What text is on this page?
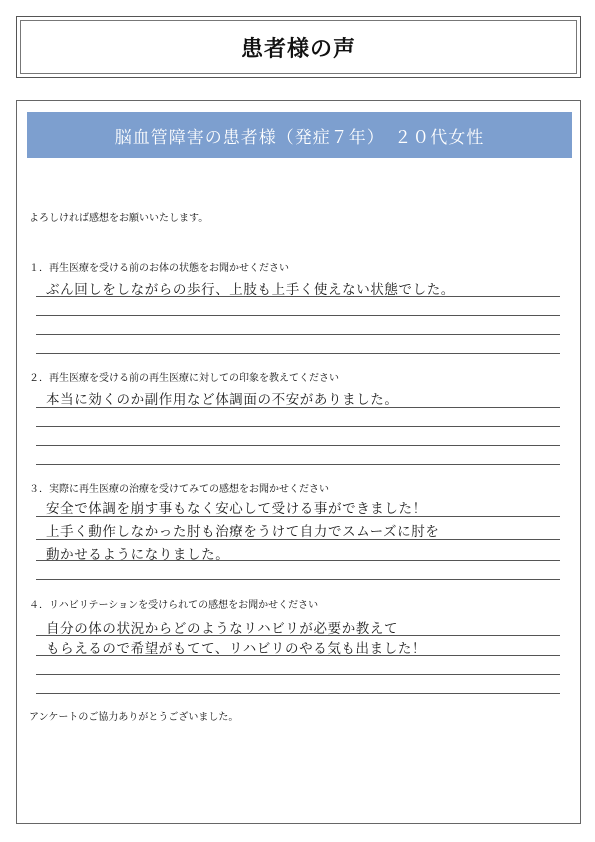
患者様の声
脳血管障害の患者様（発症７年）　２０代女性
よろしければ感想をお願いいたします。
１．再生医療を受ける前のお体の状態をお聞かせください
ぶん回しをしながらの歩行、上肢も上手く使えない状態でした。
２．再生医療を受ける前の再生医療に対しての印象を教えてください
本当に効くのか副作用など体調面の不安がありました。
３．実際に再生医療の治療を受けてみての感想をお聞かせください
安全で体調を崩す事もなく安心して受ける事ができました！
上手く動作しなかった肘も治療をうけて自力でスムーズに肘を
動かせるようになりました。
４．リハビリテーションを受けられての感想をお聞かせください
自分の体の状況からどのようなリハビリが必要か教えて
もらえるので希望がもてて、リハビリのやる気も出ました！
アンケートのご協力ありがとうございました。
